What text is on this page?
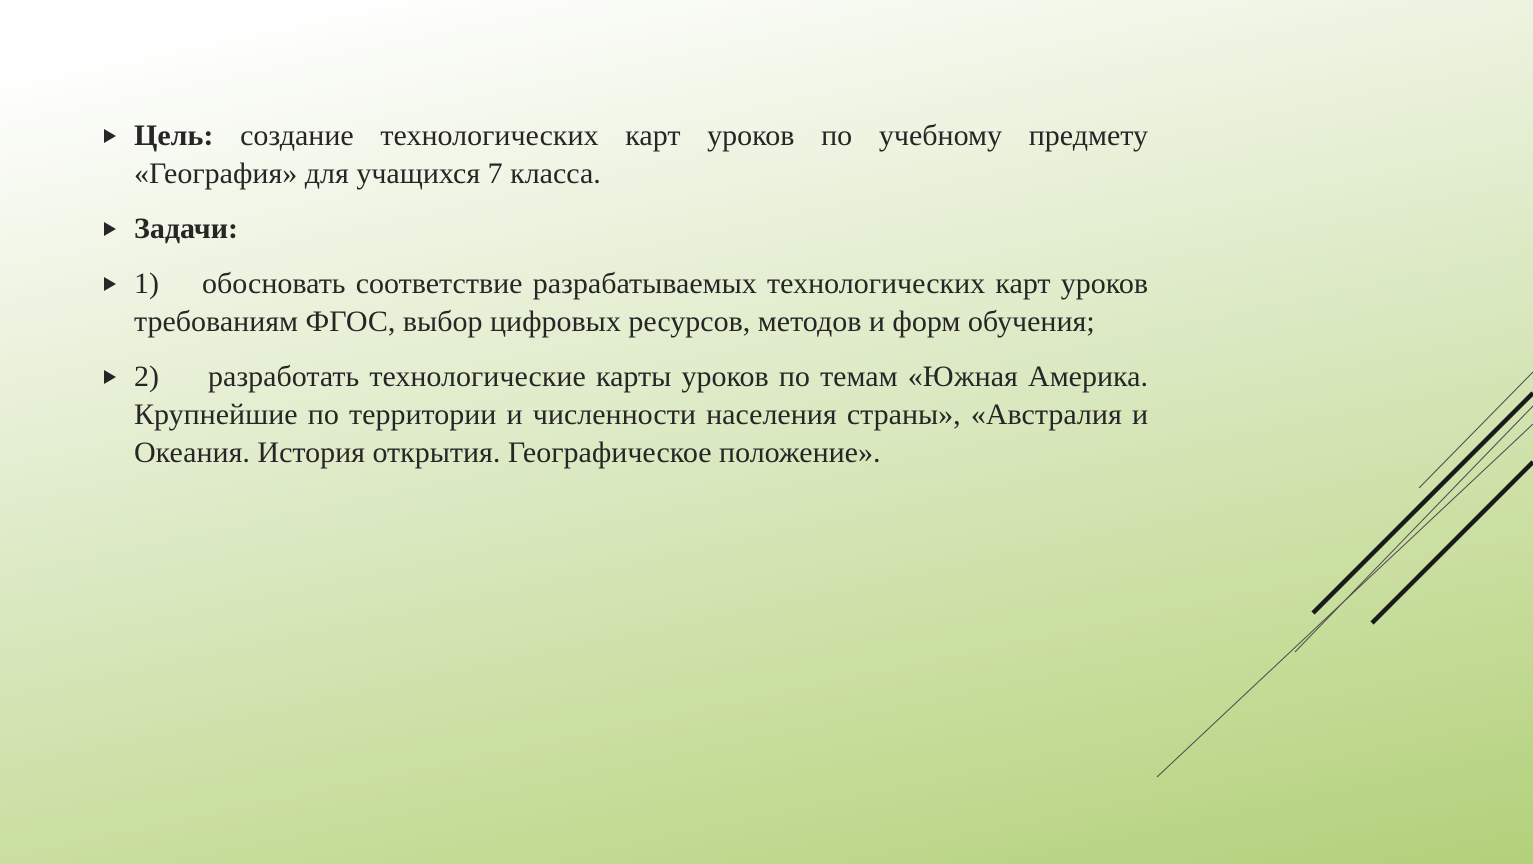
Цель: создание технологических карт уроков по учебному предмету «География» для учащихся 7 класса.
Задачи:
1) обосновать соответствие разрабатываемых технологических карт уроков требованиям ФГОС, выбор цифровых ресурсов, методов и форм обучения;
2) разработать технологические карты уроков по темам «Южная Америка. Крупнейшие по территории и численности населения страны», «Австралия и Океания. История открытия. Географическое положение».
